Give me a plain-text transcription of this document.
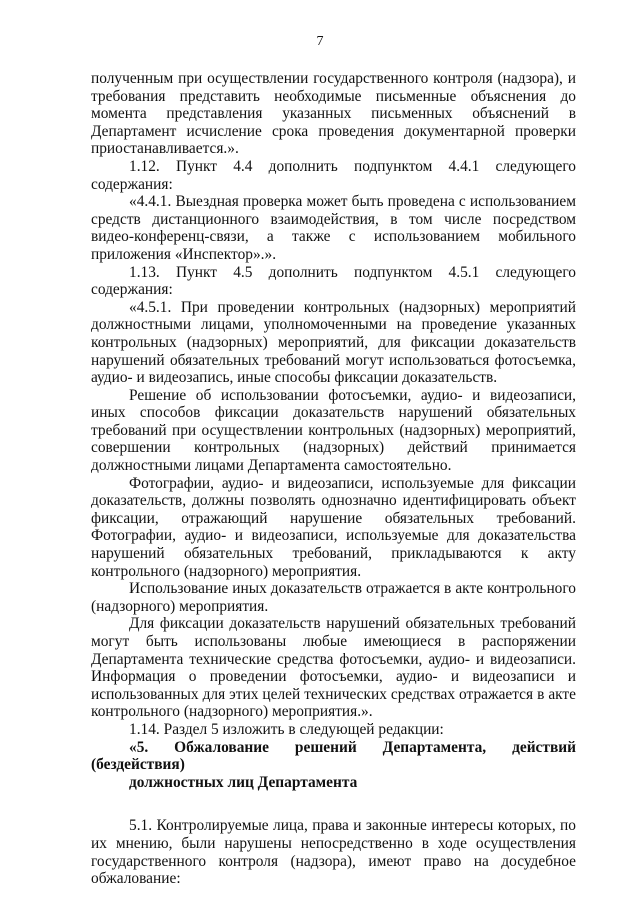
7

полученным при осуществлении государственного контроля (надзора), и требования представить необходимые письменные объяснения до момента представления указанных письменных объяснений в Департамент исчисление срока проведения документарной проверки приостанавливается.».

1.12. Пункт 4.4 дополнить подпунктом 4.4.1 следующего содержания:

«4.4.1. Выездная проверка может быть проведена с использованием средств дистанционного взаимодействия, в том числе посредством видео-конференц-связи, а также с использованием мобильного приложения «Инспектор».».

1.13. Пункт 4.5 дополнить подпунктом 4.5.1 следующего содержания:

«4.5.1. При проведении контрольных (надзорных) мероприятий должностными лицами, уполномоченными на проведение указанных контрольных (надзорных) мероприятий, для фиксации доказательств нарушений обязательных требований могут использоваться фотосъемка, аудио- и видеозапись, иные способы фиксации доказательств.

Решение об использовании фотосъемки, аудио- и видеозаписи, иных способов фиксации доказательств нарушений обязательных требований при осуществлении контрольных (надзорных) мероприятий, совершении контрольных (надзорных) действий принимается должностными лицами Департамента самостоятельно.

Фотографии, аудио- и видеозаписи, используемые для фиксации доказательств, должны позволять однозначно идентифицировать объект фиксации, отражающий нарушение обязательных требований. Фотографии, аудио- и видеозаписи, используемые для доказательства нарушений обязательных требований, прикладываются к акту контрольного (надзорного) мероприятия.

Использование иных доказательств отражается в акте контрольного (надзорного) мероприятия.

Для фиксации доказательств нарушений обязательных требований могут быть использованы любые имеющиеся в распоряжении Департамента технические средства фотосъемки, аудио- и видеозаписи. Информация о проведении фотосъемки, аудио- и видеозаписи и использованных для этих целей технических средствах отражается в акте контрольного (надзорного) мероприятия.».

1.14. Раздел 5 изложить в следующей редакции:

«5. Обжалование решений Департамента, действий (бездействия)

должностных лиц Департамента

5.1. Контролируемые лица, права и законные интересы которых, по их мнению, были нарушены непосредственно в ходе осуществления государственного контроля (надзора), имеют право на досудебное обжалование:
